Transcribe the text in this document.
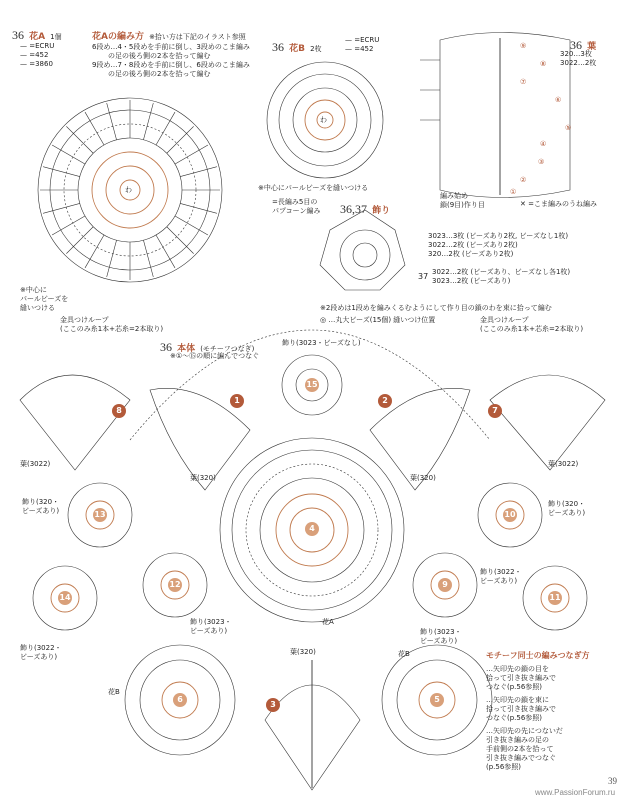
36 花A 1個
— =ECRU
— =452
— =3860
わ
※中心に
パールビーズを
縫いつける
花Aの編み方 ※拾い方は下記のイラスト参照
6段め…4・5段めを手前に倒し、3段めのこま編み
の足の後ろ側の2本を拾って編む
9段め…7・8段めを手前に倒し、6段めのこま編み
の足の後ろ側の2本を拾って編む
36 花B 2枚
— =ECRU
— =452
わ
※中心にパールビーズを縫いつける
=長編み5目の
パプコーン編み
36 葉
320…3枚
3022…2枚
⑨
⑧
⑦
⑥
⑤
④
③
②
①
編み始め
鎖(9目)作り目	✕ =こま編みのうね編み
36,37 飾り
3023…3枚 (ビーズあり2枚, ビーズなし1枚)
3022…2枚 (ビーズあり2枚)
320…2枚 (ビーズあり2枚)
37 3022…2枚 (ビーズあり、ビーズなし各1枚)
3023…2枚 (ビーズあり)
※2段めは1段めを編みくるむようにして作り目の鎖のわを束に拾って編む
◎ …丸大ビーズ(15個) 縫いつけ位置
36 本体 (モチーフつなぎ)
※①〜⑮の順に編んでつなぐ
金具つけループ
(ここのみ糸1本+芯糸=2本取り)
金具つけループ
(ここのみ糸1本+芯糸=2本取り)
飾り(3023・ビーズなし)
葉(3022)
葉(320)
葉(3022)
葉(320)
飾り(320・
ビーズあり)
飾り(320・
ビーズあり)
飾り(3023・
ビーズあり)
飾り(3022・
ビーズあり)
飾り(3022・
ビーズあり)
飾り(3023・
ビーズあり)
花A
花B
花B
葉(320)
1	2
3
4
5
6
7
8
9
10
11
12
13
14
15
モチーフ同士の編みつなぎ方
…矢印先の鎖の目を
拾って引き抜き編みで
つなぐ(p.56参照)
…矢印先の鎖を束に
拾って引き抜き編みで
つなぐ(p.56参照)
…矢印先の先につないだ
引き抜き編みの足の
手前側の2本を拾って
引き抜き編みでつなぐ
(p.56参照)
39
www.PassionForum.ru
